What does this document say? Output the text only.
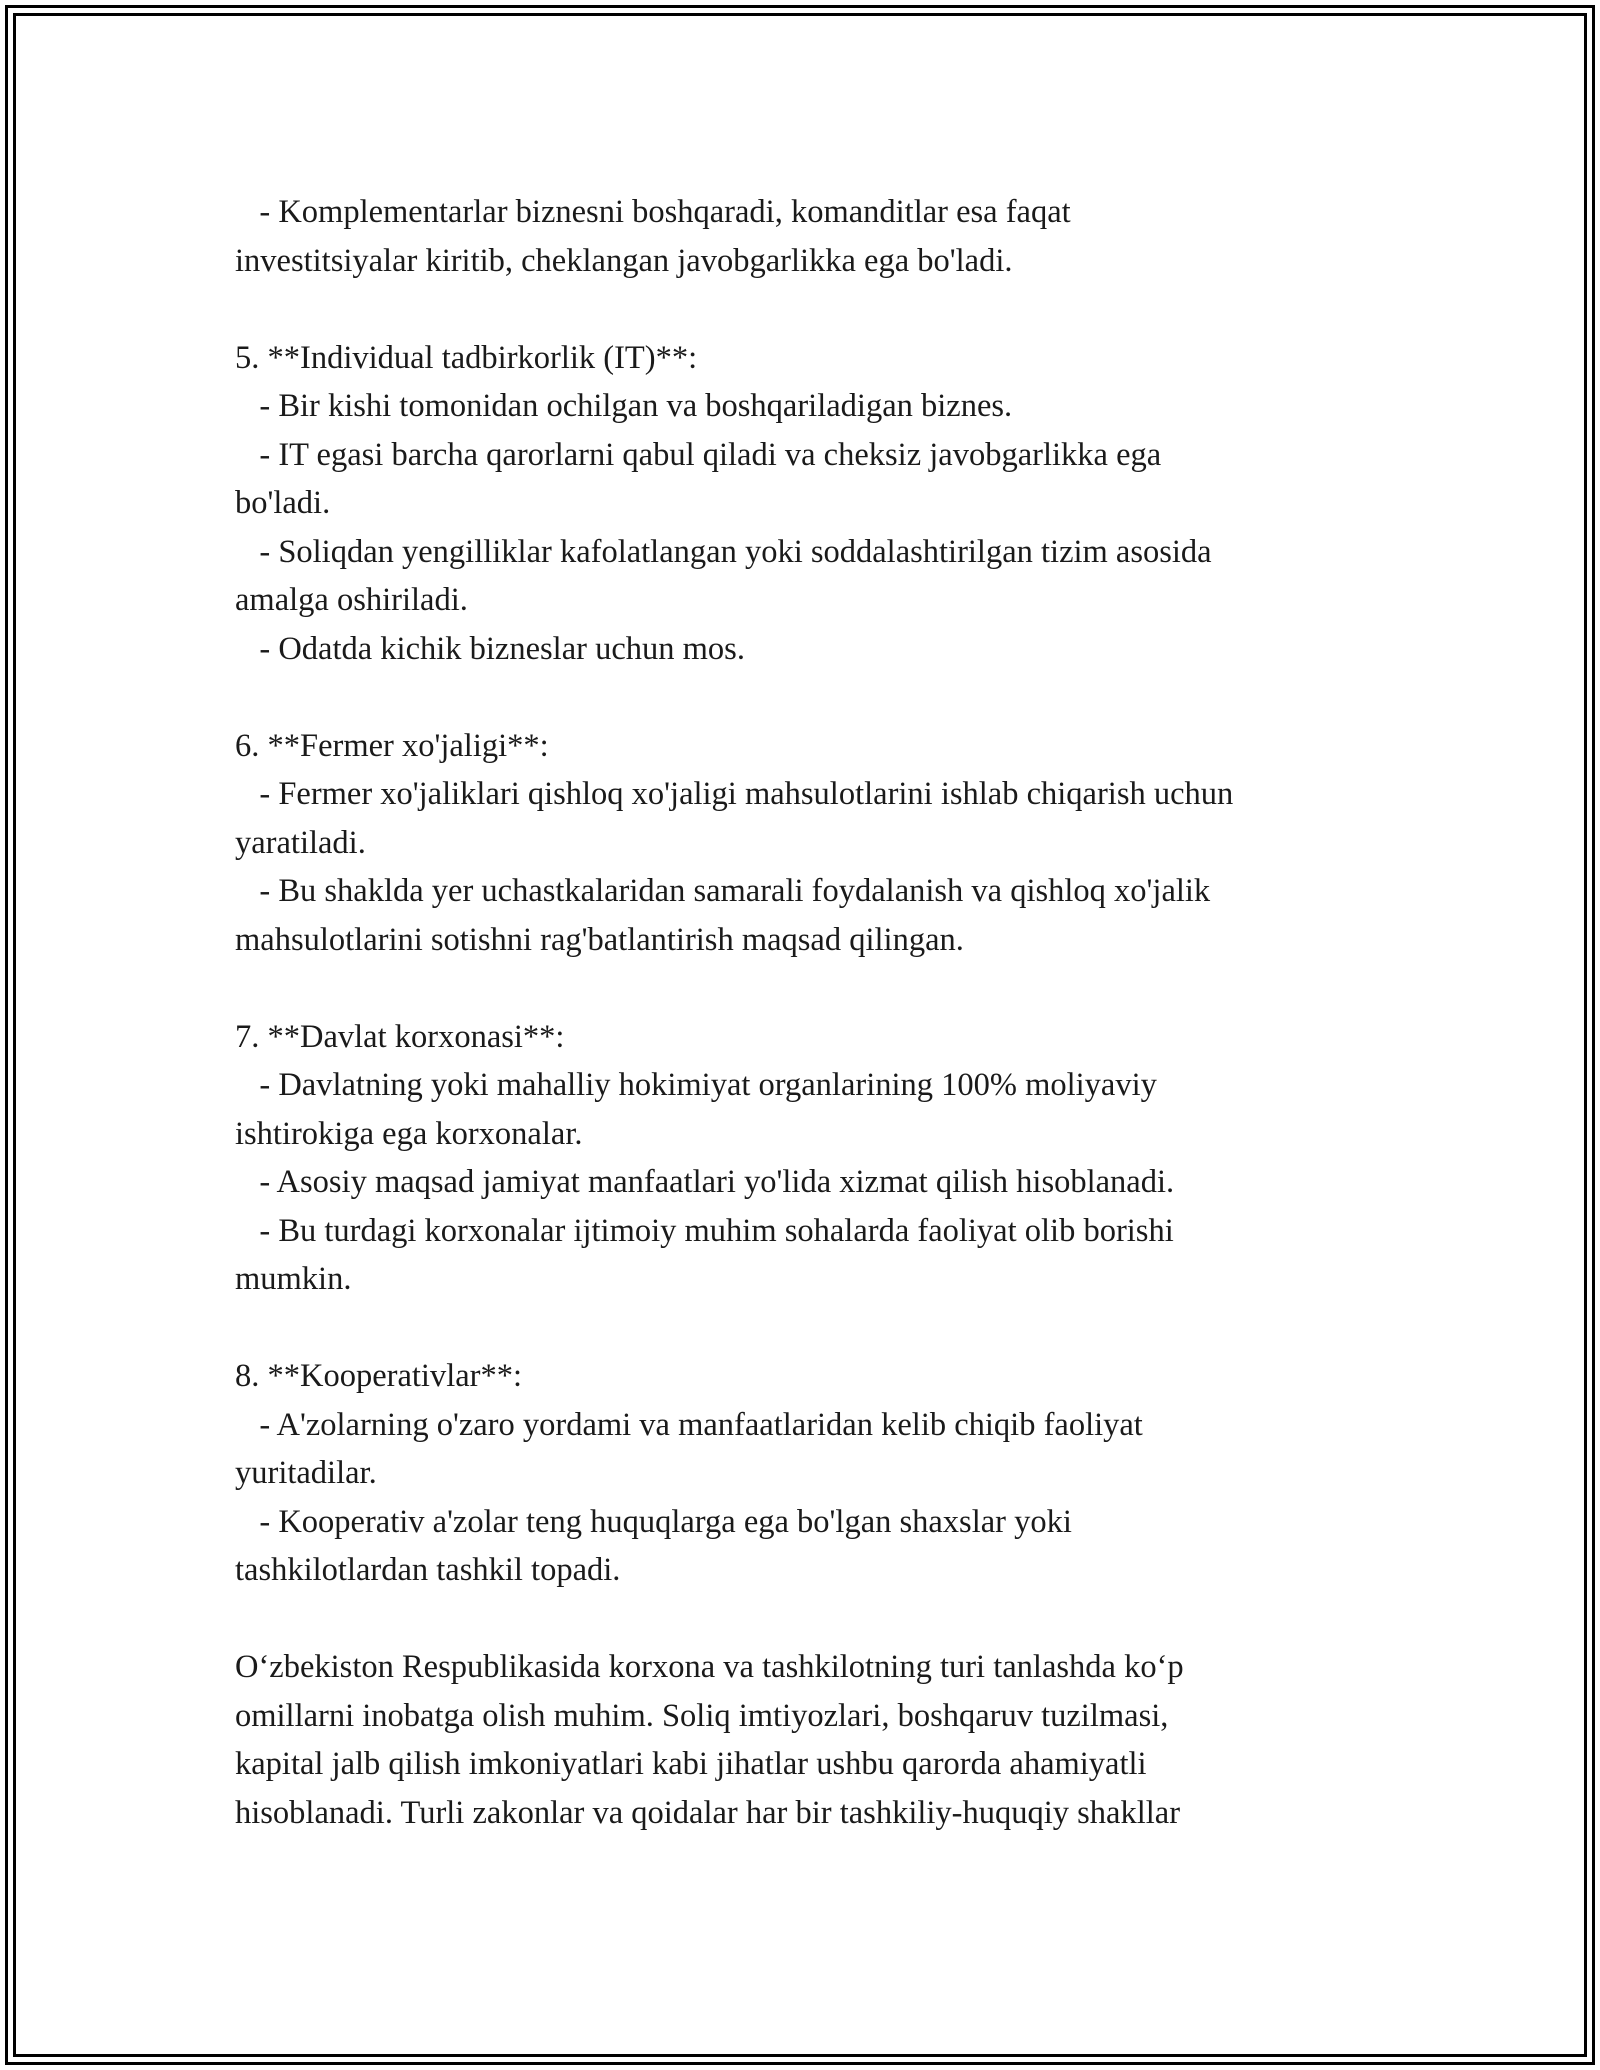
- Komplementarlar biznesni boshqaradi, komanditlar esa faqat
investitsiyalar kiritib, cheklangan javobgarlikka ega bo'ladi.
5. **Individual tadbirkorlik (IT)**:
- Bir kishi tomonidan ochilgan va boshqariladigan biznes.
- IT egasi barcha qarorlarni qabul qiladi va cheksiz javobgarlikka ega
bo'ladi.
- Soliqdan yengilliklar kafolatlangan yoki soddalashtirilgan tizim asosida
amalga oshiriladi.
- Odatda kichik bizneslar uchun mos.
6. **Fermer xo'jaligi**:
- Fermer xo'jaliklari qishloq xo'jaligi mahsulotlarini ishlab chiqarish uchun
yaratiladi.
- Bu shaklda yer uchastkalaridan samarali foydalanish va qishloq xo'jalik
mahsulotlarini sotishni rag'batlantirish maqsad qilingan.
7. **Davlat korxonasi**:
- Davlatning yoki mahalliy hokimiyat organlarining 100% moliyaviy
ishtirokiga ega korxonalar.
- Asosiy maqsad jamiyat manfaatlari yo'lida xizmat qilish hisoblanadi.
- Bu turdagi korxonalar ijtimoiy muhim sohalarda faoliyat olib borishi
mumkin.
8. **Kooperativlar**:
- A'zolarning o'zaro yordami va manfaatlaridan kelib chiqib faoliyat
yuritadilar.
- Kooperativ a'zolar teng huquqlarga ega bo'lgan shaxslar yoki
tashkilotlardan tashkil topadi.
O‘zbekiston Respublikasida korxona va tashkilotning turi tanlashda ko‘p
omillarni inobatga olish muhim. Soliq imtiyozlari, boshqaruv tuzilmasi,
kapital jalb qilish imkoniyatlari kabi jihatlar ushbu qarorda ahamiyatli
hisoblanadi. Turli zakonlar va qoidalar har bir tashkiliy-huquqiy shakllar
